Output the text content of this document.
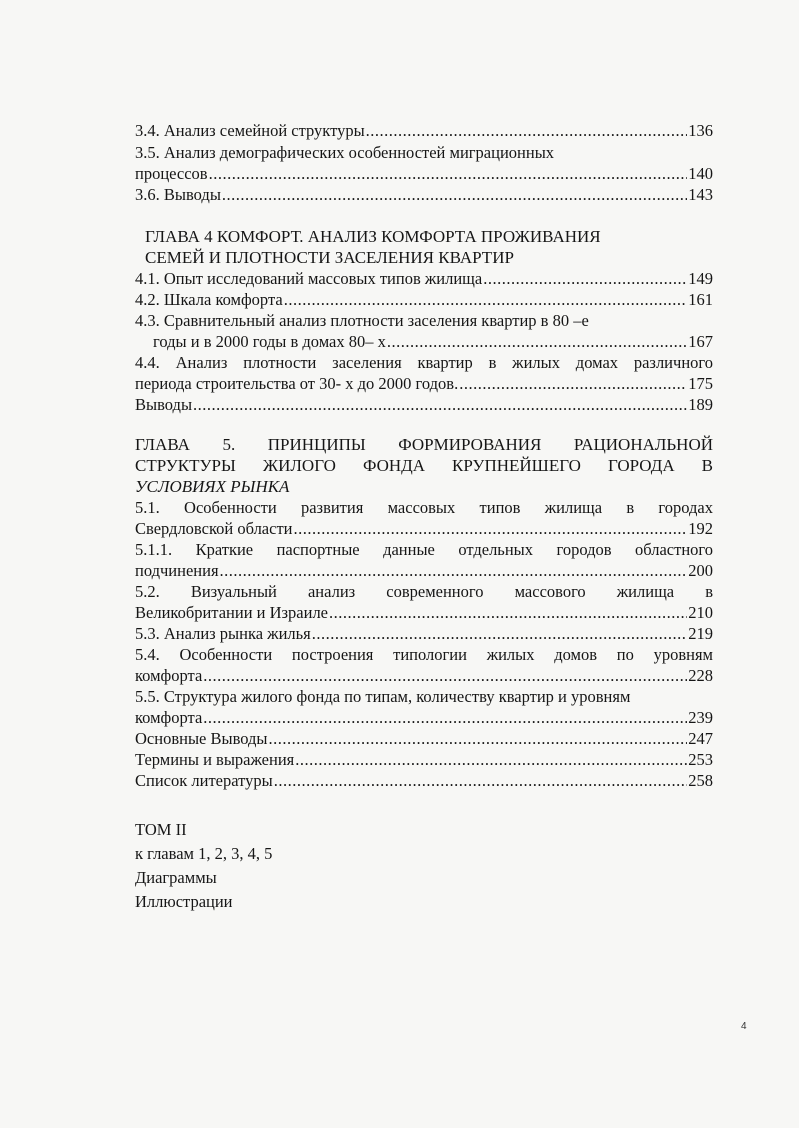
3.4. Анализ семейной структуры .....	136
3.5. Анализ демографических особенностей миграционных
процессов .....	140
3.6. Выводы .....	143
ГЛАВА 4 КОМФОРТ. АНАЛИЗ КОМФОРТА ПРОЖИВАНИЯ
СЕМЕЙ И ПЛОТНОСТИ ЗАСЕЛЕНИЯ КВАРТИР
4.1. Опыт исследований массовых типов жилища .....	149
4.2. Шкала комфорта .....	161
4.3. Сравнительный анализ плотности заселения квартир в 80 –е
годы и в 2000 годы в домах 80– х .....	167
4.4. Анализ плотности заселения квартир в жилых домах различного
периода строительства от 30- х до 2000 годов. .....	175
Выводы .....	189
ГЛАВА 5. ПРИНЦИПЫ ФОРМИРОВАНИЯ РАЦИОНАЛЬНОЙ
СТРУКТУРЫ ЖИЛОГО ФОНДА КРУПНЕЙШЕГО ГОРОДА В
УСЛОВИЯХ РЫНКА
5.1. Особенности развития массовых типов жилища в городах
Свердловской области .....	192
5.1.1. Краткие паспортные данные отдельных городов областного
подчинения .....	200
5.2. Визуальный анализ современного массового жилища в
Великобритании и Израиле .....	210
5.3. Анализ рынка жилья .....	219
5.4. Особенности построения типологии жилых домов по уровням
комфорта .....	228
5.5. Структура жилого фонда по типам, количеству квартир и уровням
комфорта .....	239
Основные Выводы .....	247
Термины и выражения .....	253
Список литературы .....	258
ТОМ II
к главам 1, 2, 3, 4, 5
Диаграммы
Иллюстрации
4
